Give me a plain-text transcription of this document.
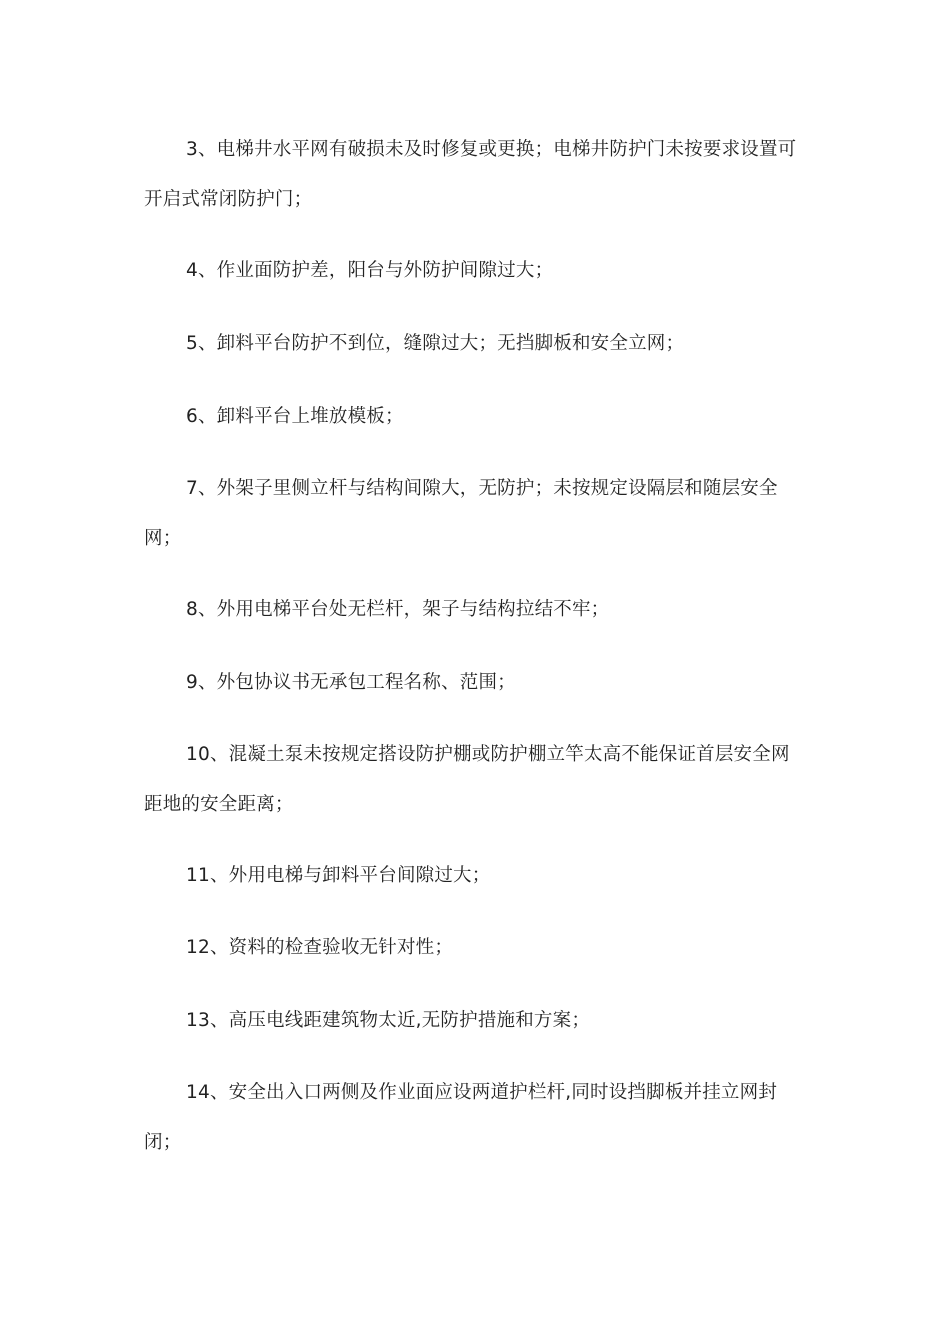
3、电梯井水平网有破损未及时修复或更换；电梯井防护门未按要求设置可开启式常闭防护门；

4、作业面防护差，阳台与外防护间隙过大；

5、卸料平台防护不到位，缝隙过大；无挡脚板和安全立网；

6、卸料平台上堆放模板；

7、外架子里侧立杆与结构间隙大，无防护；未按规定设隔层和随层安全网；

8、外用电梯平台处无栏杆，架子与结构拉结不牢；

9、外包协议书无承包工程名称、范围；

10、混凝土泵未按规定搭设防护棚或防护棚立竿太高不能保证首层安全网距地的安全距离；

11、外用电梯与卸料平台间隙过大；

12、资料的检查验收无针对性；

13、高压电线距建筑物太近,无防护措施和方案；

14、安全出入口两侧及作业面应设两道护栏杆,同时设挡脚板并挂立网封闭；
